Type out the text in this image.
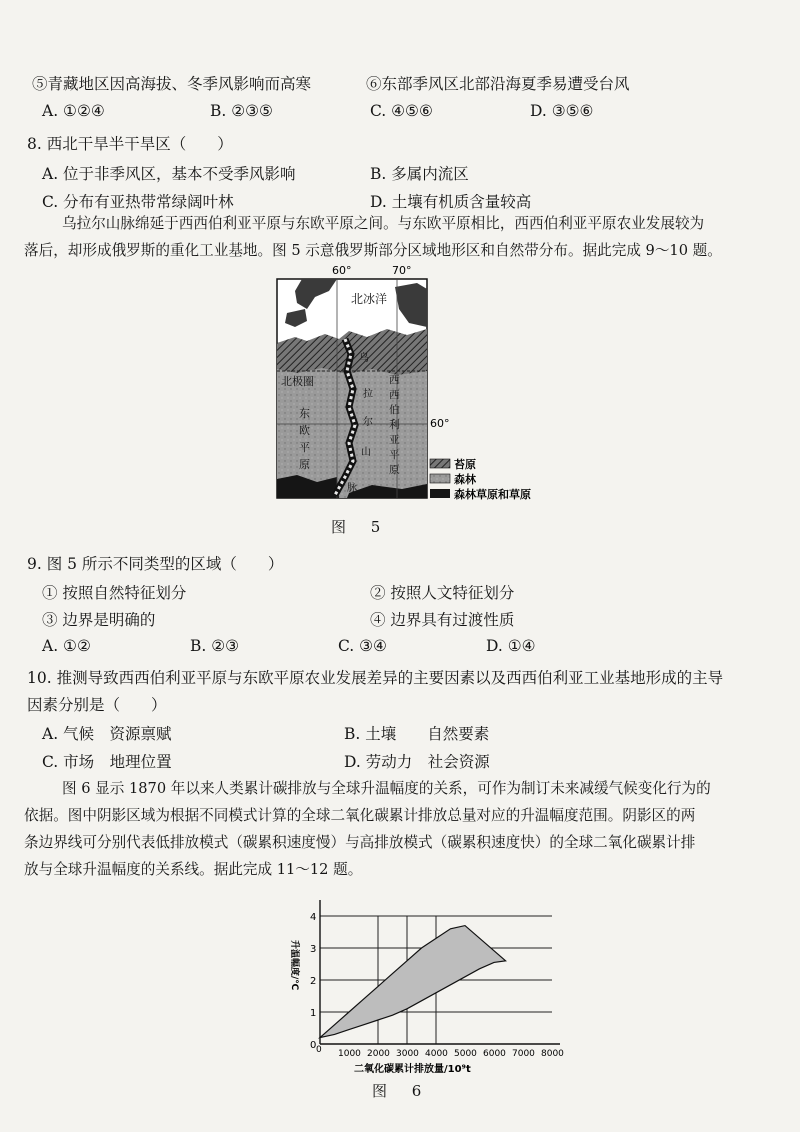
⑤青藏地区因高海拔、冬季风影响而高寒	⑥东部季风区北部沿海夏季易遭受台风
A. ①②④	B. ②③⑤	C. ④⑤⑥	D. ③⑤⑥
8. 西北干旱半干旱区（　　）
A. 位于非季风区，基本不受季风影响	B. 多属内流区
C. 分布有亚热带常绿阔叶林	D. 土壤有机质含量较高
乌拉尔山脉绵延于西西伯利亚平原与东欧平原之间。与东欧平原相比，西西伯利亚平原农业发展较为
落后，却形成俄罗斯的重化工业基地。图 5 示意俄罗斯部分区域地形区和自然带分布。据此完成 9～10 题。
60°	70°
北冰洋
北极圈
东
欧
平
原
乌
拉
尔
山
脉
西
西
伯
利
亚
平
原
60°
苔原
森林
森林草原和草原
图 5
9. 图 5 所示不同类型的区域（　　）
① 按照自然特征划分	② 按照人文特征划分
③ 边界是明确的	④ 边界具有过渡性质
A. ①②	B. ②③	C. ③④	D. ①④
10. 推测导致西西伯利亚平原与东欧平原农业发展差异的主要因素以及西西伯利亚工业基地形成的主导
因素分别是（　　）
A. 气候　资源禀赋	B. 土壤　　自然要素
C. 市场　地理位置	D. 劳动力　社会资源
图 6 显示 1870 年以来人类累计碳排放与全球升温幅度的关系，可作为制订未来减缓气候变化行为的
依据。图中阴影区域为根据不同模式计算的全球二氧化碳累计排放总量对应的升温幅度范围。阴影区的两
条边界线可分别代表低排放模式（碳累积速度慢）与高排放模式（碳累积速度快）的全球二氧化碳累计排
放与全球升温幅度的关系线。据此完成 11～12 题。
升温幅度/℃
二氧化碳累计排放量/10⁹t
0
1
2
3
4
1000 2000 3000 4000 5000 6000 7000 8000
0
图 6
